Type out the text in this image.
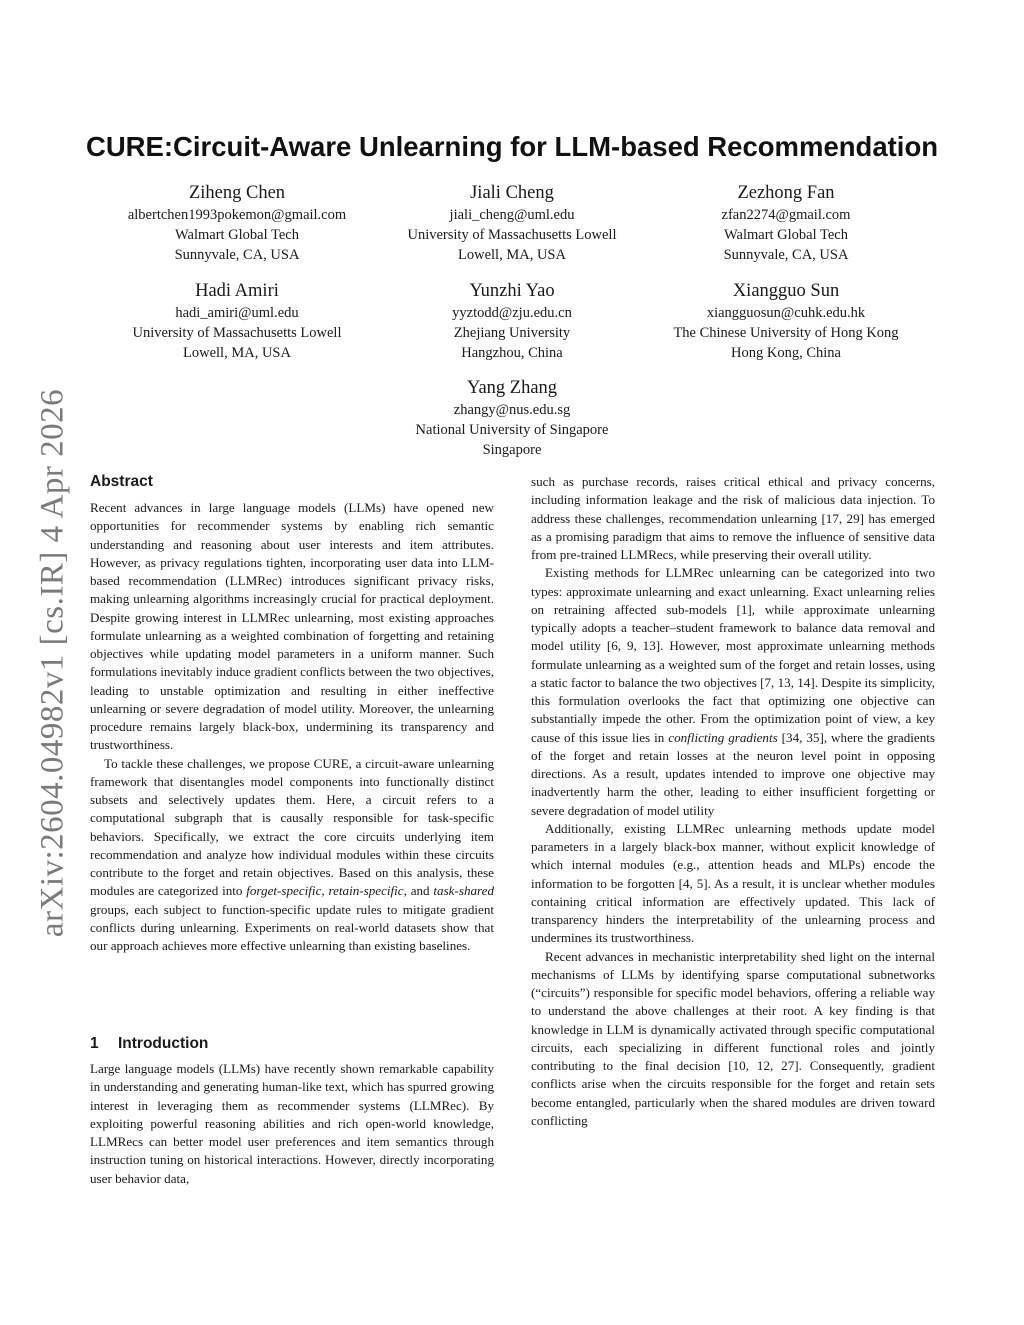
arXiv:2604.04982v1 [cs.IR] 4 Apr 2026
CURE:Circuit-Aware Unlearning for LLM-based Recommendation
Ziheng Chen
albertchen1993pokemon@gmail.com
Walmart Global Tech
Sunnyvale, CA, USA
Jiali Cheng
jiali_cheng@uml.edu
University of Massachusetts Lowell
Lowell, MA, USA
Zezhong Fan
zfan2274@gmail.com
Walmart Global Tech
Sunnyvale, CA, USA
Hadi Amiri
hadi_amiri@uml.edu
University of Massachusetts Lowell
Lowell, MA, USA
Yunzhi Yao
yyztodd@zju.edu.cn
Zhejiang University
Hangzhou, China
Xiangguo Sun
xiangguosun@cuhk.edu.hk
The Chinese University of Hong Kong
Hong Kong, China
Yang Zhang
zhangy@nus.edu.sg
National University of Singapore
Singapore
Abstract

Recent advances in large language models (LLMs) have opened new opportunities for recommender systems by enabling rich semantic understanding and reasoning about user interests and item attributes. However, as privacy regulations tighten, incorporating user data into LLM-based recommendation (LLMRec) introduces significant privacy risks, making unlearning algorithms increasingly crucial for practical deployment. Despite growing interest in LLMRec unlearning, most existing approaches formulate unlearning as a weighted combination of forgetting and retaining objectives while updating model parameters in a uniform manner. Such formulations inevitably induce gradient conflicts between the two objectives, leading to unstable optimization and resulting in either ineffective unlearning or severe degradation of model utility. Moreover, the unlearning procedure remains largely black-box, undermining its transparency and trustworthiness.

To tackle these challenges, we propose CURE, a circuit-aware unlearning framework that disentangles model components into functionally distinct subsets and selectively updates them. Here, a circuit refers to a computational subgraph that is causally responsible for task-specific behaviors. Specifically, we extract the core circuits underlying item recommendation and analyze how individual modules within these circuits contribute to the forget and retain objectives. Based on this analysis, these modules are categorized into forget-specific, retain-specific, and task-shared groups, each subject to function-specific update rules to mitigate gradient conflicts during unlearning. Experiments on real-world datasets show that our approach achieves more effective unlearning than existing baselines.

1 Introduction

Large language models (LLMs) have recently shown remarkable capability in understanding and generating human-like text, which has spurred growing interest in leveraging them as recommender systems (LLMRec). By exploiting powerful reasoning abilities and rich open-world knowledge, LLMRecs can better model user preferences and item semantics through instruction tuning on historical interactions. However, directly incorporating user behavior data,

such as purchase records, raises critical ethical and privacy concerns, including information leakage and the risk of malicious data injection. To address these challenges, recommendation unlearning [17, 29] has emerged as a promising paradigm that aims to remove the influence of sensitive data from pre-trained LLMRecs, while preserving their overall utility.

Existing methods for LLMRec unlearning can be categorized into two types: approximate unlearning and exact unlearning. Exact unlearning relies on retraining affected sub-models [1], while approximate unlearning typically adopts a teacher–student framework to balance data removal and model utility [6, 9, 13]. However, most approximate unlearning methods formulate unlearning as a weighted sum of the forget and retain losses, using a static factor to balance the two objectives [7, 13, 14]. Despite its simplicity, this formulation overlooks the fact that optimizing one objective can substantially impede the other. From the optimization point of view, a key cause of this issue lies in conflicting gradients [34, 35], where the gradients of the forget and retain losses at the neuron level point in opposing directions. As a result, updates intended to improve one objective may inadvertently harm the other, leading to either insufficient forgetting or severe degradation of model utility

Additionally, existing LLMRec unlearning methods update model parameters in a largely black-box manner, without explicit knowledge of which internal modules (e.g., attention heads and MLPs) encode the information to be forgotten [4, 5]. As a result, it is unclear whether modules containing critical information are effectively updated. This lack of transparency hinders the interpretability of the unlearning process and undermines its trustworthiness.

Recent advances in mechanistic interpretability shed light on the internal mechanisms of LLMs by identifying sparse computational subnetworks (“circuits”) responsible for specific model behaviors, offering a reliable way to understand the above challenges at their root. A key finding is that knowledge in LLM is dynamically activated through specific computational circuits, each specializing in different functional roles and jointly contributing to the final decision [10, 12, 27]. Consequently, gradient conflicts arise when the circuits responsible for the forget and retain sets become entangled, particularly when the shared modules are driven toward conflicting
